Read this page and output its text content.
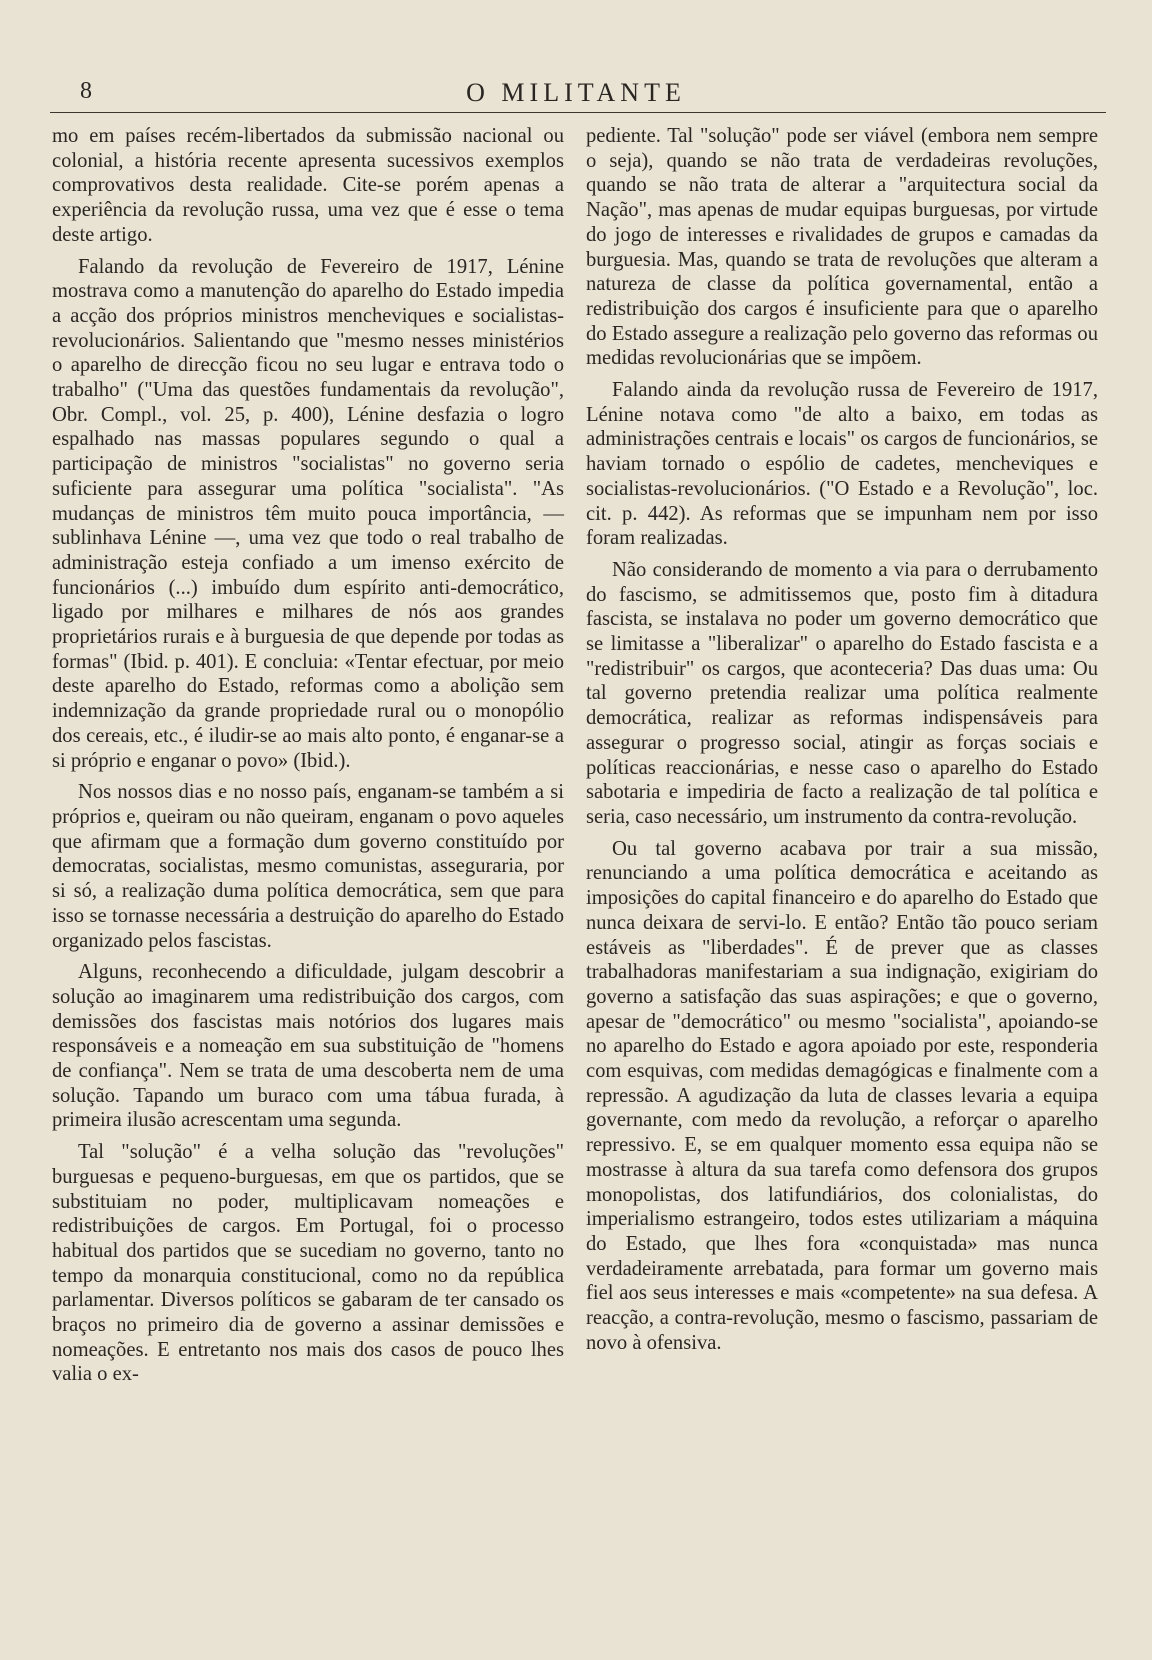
8	O MILITANTE

mo em países recém-libertados da submissão nacional ou colonial, a história recente apresenta sucessivos exemplos comprovativos desta realidade. Cite-se porém apenas a experiência da revolução russa, uma vez que é esse o tema deste artigo.

Falando da revolução de Fevereiro de 1917, Lénine mostrava como a manutenção do aparelho do Estado impedia a acção dos próprios ministros mencheviques e socialistas-revolucionários. Salientando que "mesmo nesses ministérios o aparelho de direcção ficou no seu lugar e entrava todo o trabalho" ("Uma das questões fundamentais da revolução", Obr. Compl., vol. 25, p. 400), Lénine desfazia o logro espalhado nas massas populares segundo o qual a participação de ministros "socialistas" no governo seria suficiente para assegurar uma política "socialista". "As mudanças de ministros têm muito pouca importância, — sublinhava Lénine —, uma vez que todo o real trabalho de administração esteja confiado a um imenso exército de funcionários (...) imbuído dum espírito anti-democrático, ligado por milhares e milhares de nós aos grandes proprietários rurais e à burguesia de que depende por todas as formas" (Ibid. p. 401). E concluia: «Tentar efectuar, por meio deste aparelho do Estado, reformas como a abolição sem indemnização da grande propriedade rural ou o monopólio dos cereais, etc., é iludir-se ao mais alto ponto, é enganar-se a si próprio e enganar o povo» (Ibid.).

Nos nossos dias e no nosso país, enganam-se também a si próprios e, queiram ou não queiram, enganam o povo aqueles que afirmam que a formação dum governo constituído por democratas, socialistas, mesmo comunistas, asseguraria, por si só, a realização duma política democrática, sem que para isso se tornasse necessária a destruição do aparelho do Estado organizado pelos fascistas.

Alguns, reconhecendo a dificuldade, julgam descobrir a solução ao imaginarem uma redistribuição dos cargos, com demissões dos fascistas mais notórios dos lugares mais responsáveis e a nomeação em sua substituição de "homens de confiança". Nem se trata de uma descoberta nem de uma solução. Tapando um buraco com uma tábua furada, à primeira ilusão acrescentam uma segunda.

Tal "solução" é a velha solução das "revoluções" burguesas e pequeno-burguesas, em que os partidos, que se substituiam no poder, multiplicavam nomeações e redistribuições de cargos. Em Portugal, foi o processo habitual dos partidos que se sucediam no governo, tanto no tempo da monarquia constitucional, como no da república parlamentar. Diversos políticos se gabaram de ter cansado os braços no primeiro dia de governo a assinar demissões e nomeações. E entretanto nos mais dos casos de pouco lhes valia o ex-

pediente. Tal "solução" pode ser viável (embora nem sempre o seja), quando se não trata de verdadeiras revoluções, quando se não trata de alterar a "arquitectura social da Nação", mas apenas de mudar equipas burguesas, por virtude do jogo de interesses e rivalidades de grupos e camadas da burguesia. Mas, quando se trata de revoluções que alteram a natureza de classe da política governamental, então a redistribuição dos cargos é insuficiente para que o aparelho do Estado assegure a realização pelo governo das reformas ou medidas revolucionárias que se impõem.

Falando ainda da revolução russa de Fevereiro de 1917, Lénine notava como "de alto a baixo, em todas as administrações centrais e locais" os cargos de funcionários, se haviam tornado o espólio de cadetes, mencheviques e socialistas-revolucionários. ("O Estado e a Revolução", loc. cit. p. 442). As reformas que se impunham nem por isso foram realizadas.

Não considerando de momento a via para o derrubamento do fascismo, se admitissemos que, posto fim à ditadura fascista, se instalava no poder um governo democrático que se limitasse a "liberalizar" o aparelho do Estado fascista e a "redistribuir" os cargos, que aconteceria? Das duas uma: Ou tal governo pretendia realizar uma política realmente democrática, realizar as reformas indispensáveis para assegurar o progresso social, atingir as forças sociais e políticas reaccionárias, e nesse caso o aparelho do Estado sabotaria e impediria de facto a realização de tal política e seria, caso necessário, um instrumento da contra-revolução.

Ou tal governo acabava por trair a sua missão, renunciando a uma política democrática e aceitando as imposições do capital financeiro e do aparelho do Estado que nunca deixara de servi-lo. E então? Então tão pouco seriam estáveis as "liberdades". É de prever que as classes trabalhadoras manifestariam a sua indignação, exigiriam do governo a satisfação das suas aspirações; e que o governo, apesar de "democrático" ou mesmo "socialista", apoiando-se no aparelho do Estado e agora apoiado por este, responderia com esquivas, com medidas demagógicas e finalmente com a repressão. A agudização da luta de classes levaria a equipa governante, com medo da revolução, a reforçar o aparelho repressivo. E, se em qualquer momento essa equipa não se mostrasse à altura da sua tarefa como defensora dos grupos monopolistas, dos latifundiários, dos colonialistas, do imperialismo estrangeiro, todos estes utilizariam a máquina do Estado, que lhes fora «conquistada» mas nunca verdadeiramente arrebatada, para formar um governo mais fiel aos seus interesses e mais «competente» na sua defesa. A reacção, a contra-revolução, mesmo o fascismo, passariam de novo à ofensiva.
